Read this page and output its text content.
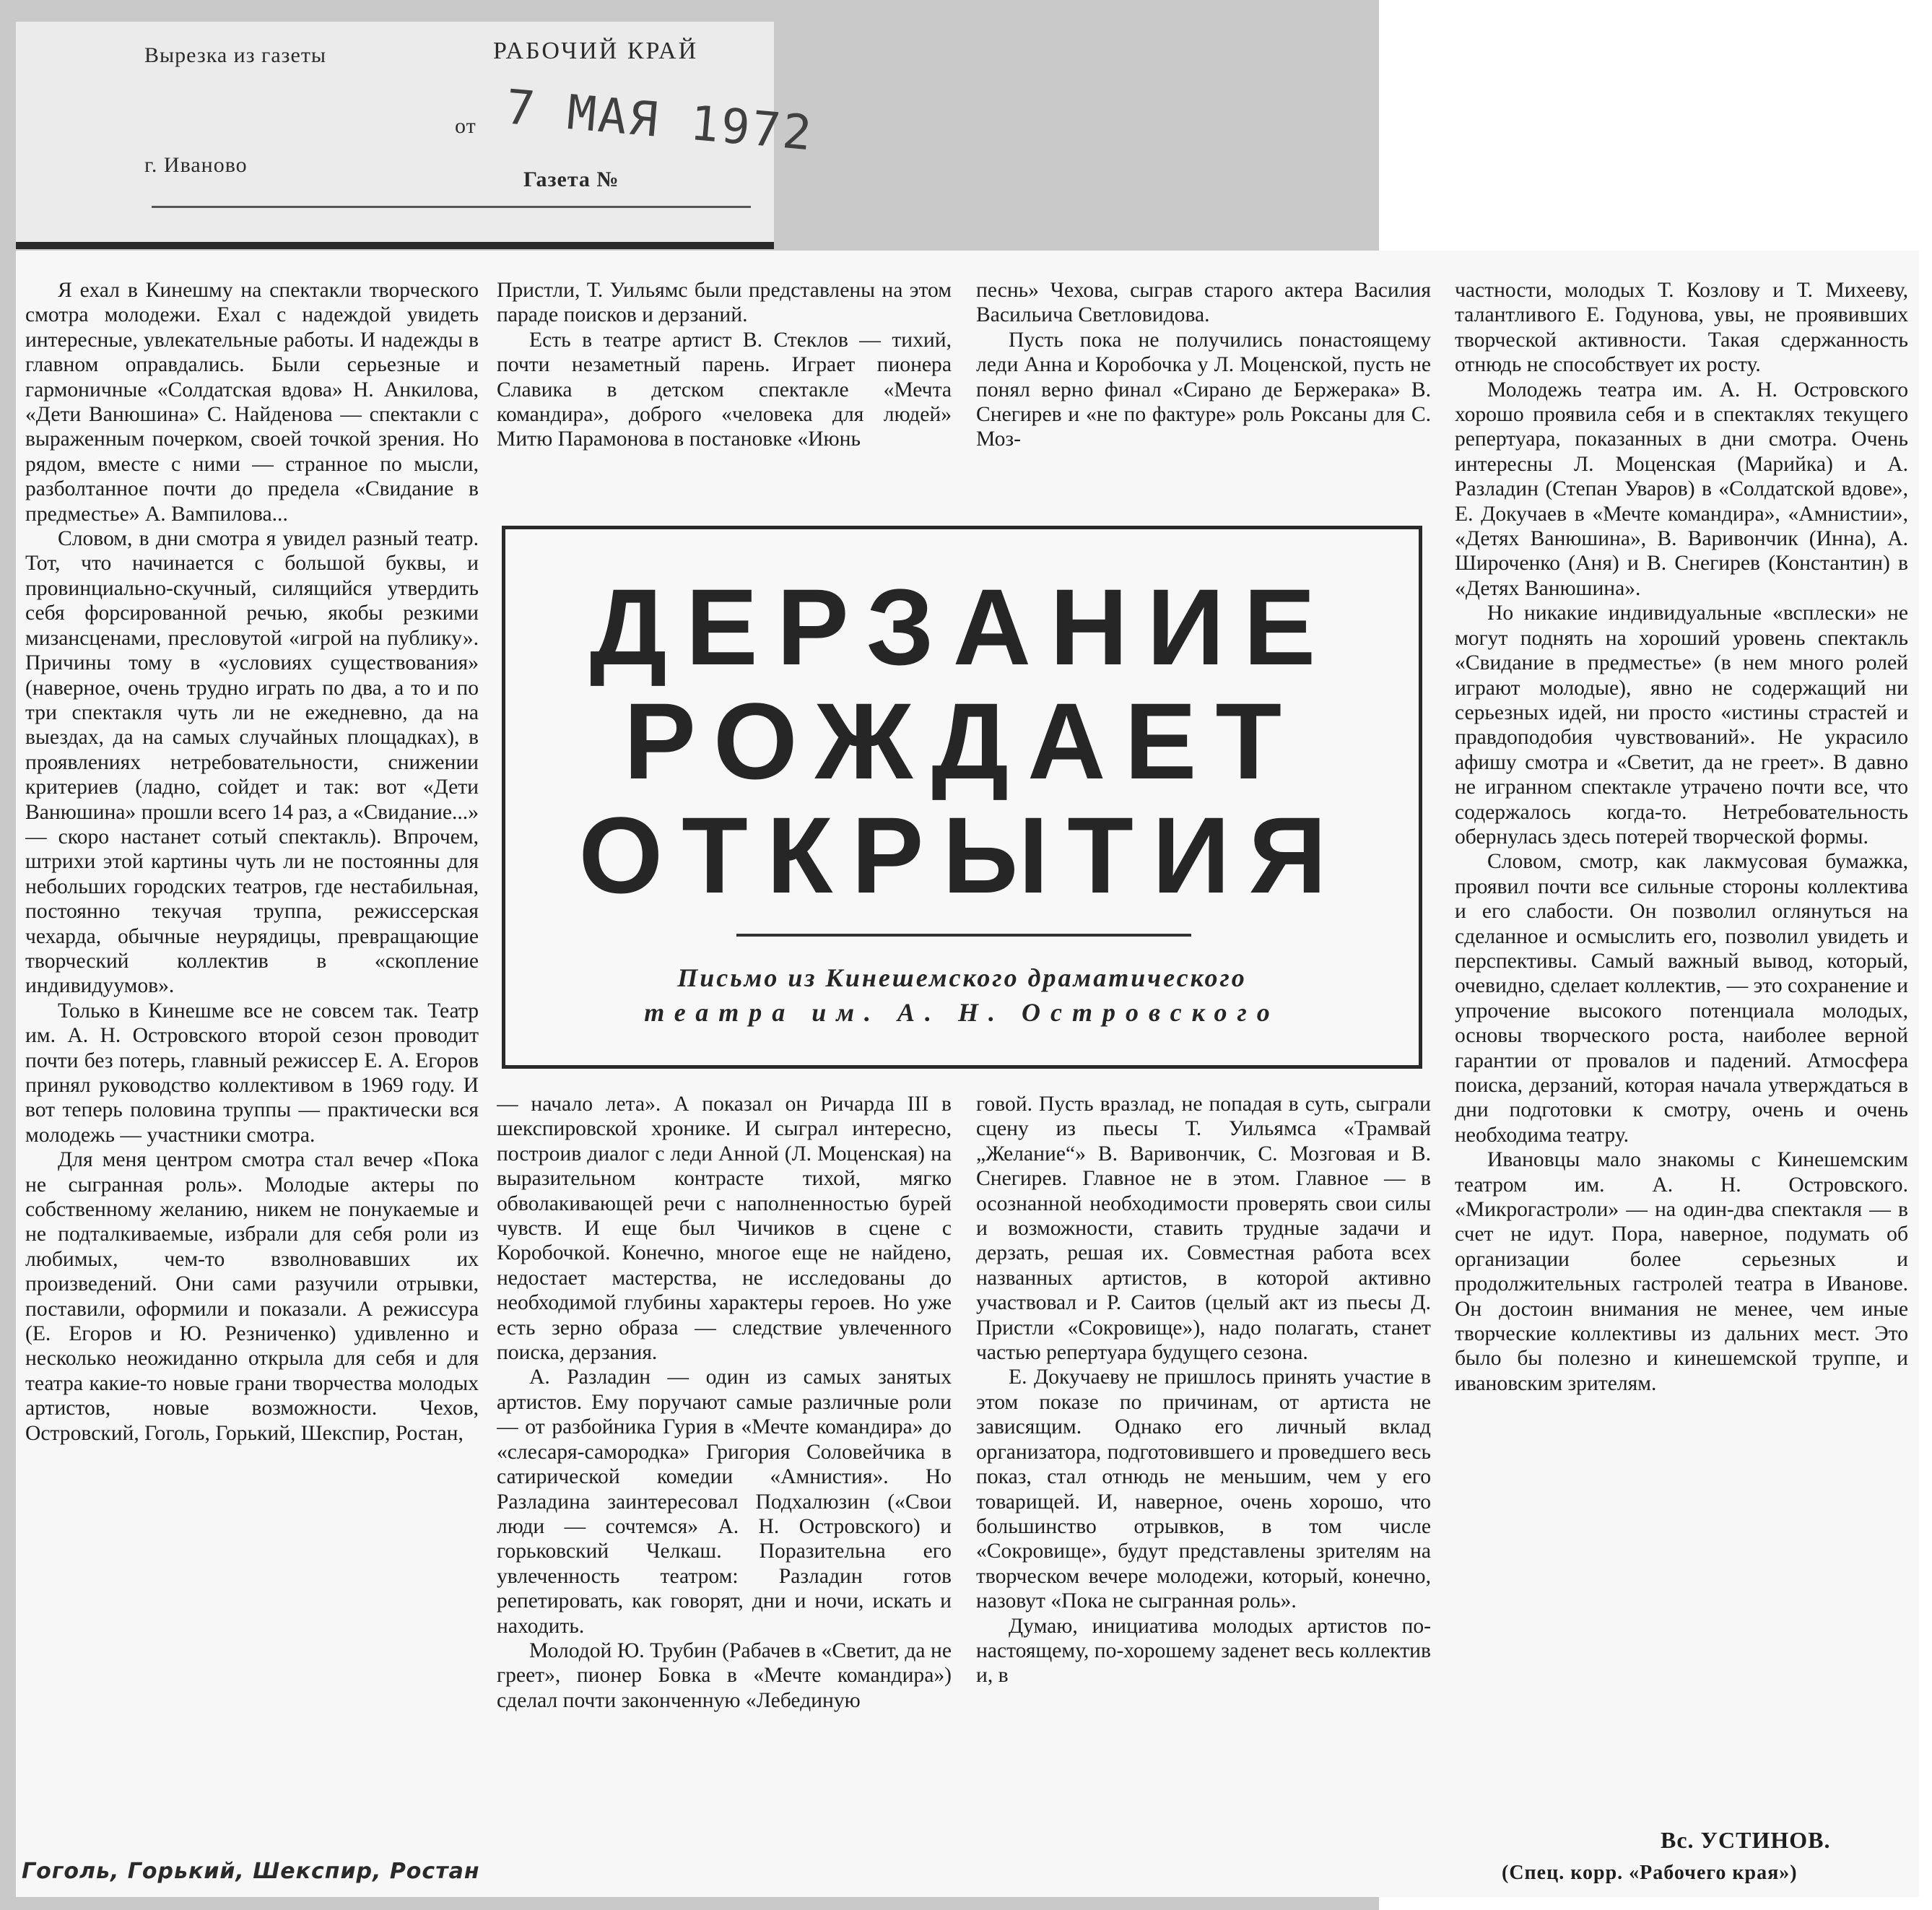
Вырезка из газеты	РАБОЧИЙ КРАЙ
г. Иваново
от
Газета №
7 МАЯ 1972

Я ехал в Кинешму на спектакли творческого смотра молодежи. Ехал с надеждой увидеть интересные, увлекательные работы. И надежды в главном оправдались. Были серьезные и гармоничные «Солдатская вдова» Н. Анкилова, «Дети Ванюшина» С. Найденова — спектакли с выраженным почерком, своей точкой зрения. Но рядом, вместе с ними — странное по мысли, разболтанное почти до предела «Свидание в предместье» А. Вампилова...

Словом, в дни смотра я увидел разный театр. Тот, что начинается с большой буквы, и провинциально-скучный, силящийся утвердить себя форсированной речью, якобы резкими мизансценами, пресловутой «игрой на публику». Причины тому в «условиях существования» (наверное, очень трудно играть по два, а то и по три спектакля чуть ли не ежедневно, да на выездах, да на самых случайных площадках), в проявлениях нетребовательности, снижении критериев (ладно, сойдет и так: вот «Дети Ванюшина» прошли всего 14 раз, а «Свидание...» — скоро настанет сотый спектакль). Впрочем, штрихи этой картины чуть ли не постоянны для небольших городских театров, где нестабильная, постоянно текучая труппа, режиссерская чехарда, обычные неурядицы, превращающие творческий коллектив в «скопление индивидуумов».

Только в Кинешме все не совсем так. Театр им. А. Н. Островского второй сезон проводит почти без потерь, главный режиссер Е. А. Егоров принял руководство коллективом в 1969 году. И вот теперь половина труппы — практически вся молодежь — участники смотра.

Для меня центром смотра стал вечер «Пока не сыгранная роль». Молодые актеры по собственному желанию, никем не понукаемые и не подталкиваемые, избрали для себя роли из любимых, чем-то взволновавших их произведений. Они сами разучили отрывки, поставили, оформили и показали. А режиссура (Е. Егоров и Ю. Резниченко) удивленно и несколько неожиданно открыла для себя и для театра какие-то новые грани творчества молодых артистов, новые возможности. Чехов, Островский, Гоголь, Горький, Шекспир, Ростан,

Пристли, Т. Уильямс были представлены на этом параде поисков и дерзаний.

Есть в театре артист В. Стеклов — тихий, почти незаметный парень. Играет пионера Славика в детском спектакле «Мечта командира», доброго «человека для людей» Митю Парамонова в постановке «Июнь

песнь» Чехова, сыграв старого актера Василия Васильича Светловидова.

Пусть пока не получились понастоящему леди Анна и Коробочка у Л. Моценской, пусть не понял верно финал «Сирано де Бержерака» В. Снегирев и «не по фактуре» роль Роксаны для С. Моз-

ДЕРЗАНИЕ
РОЖДАЕТ
ОТКРЫТИЯ
Письмо из Кинешемского драматического
театра им. А. Н. Островского

— начало лета». А показал он Ричарда III в шекспировской хронике. И сыграл интересно, построив диалог с леди Анной (Л. Моценская) на выразительном контрасте тихой, мягко обволакивающей речи с наполненностью бурей чувств. И еще был Чичиков в сцене с Коробочкой. Конечно, многое еще не найдено, недостает мастерства, не исследованы до необходимой глубины характеры героев. Но уже есть зерно образа — следствие увлеченного поиска, дерзания.

А. Разладин — один из самых занятых артистов. Ему поручают самые различные роли — от разбойника Гурия в «Мечте командира» до «слесаря-самородка» Григория Соловейчика в сатирической комедии «Амнистия». Но Разладина заинтересовал Подхалюзин («Свои люди — сочтемся» А. Н. Островского) и горьковский Челкаш. Поразительна его увлеченность театром: Разладин готов репетировать, как говорят, дни и ночи, искать и находить.

Молодой Ю. Трубин (Рабачев в «Светит, да не греет», пионер Бовка в «Мечте командира») сделал почти законченную «Лебединую

говой. Пусть вразлад, не попадая в суть, сыграли сцену из пьесы Т. Уильямса «Трамвай „Желание“» В. Варивончик, С. Мозговая и В. Снегирев. Главное не в этом. Главное — в осознанной необходимости проверять свои силы и возможности, ставить трудные задачи и дерзать, решая их. Совместная работа всех названных артистов, в которой активно участвовал и Р. Саитов (целый акт из пьесы Д. Пристли «Сокровище»), надо полагать, станет частью репертуара будущего сезона.

Е. Докучаеву не пришлось принять участие в этом показе по причинам, от артиста не зависящим. Однако его личный вклад организатора, подготовившего и проведшего весь показ, стал отнюдь не меньшим, чем у его товарищей. И, наверное, очень хорошо, что большинство отрывков, в том числе «Сокровище», будут представлены зрителям на творческом вечере молодежи, который, конечно, назовут «Пока не сыгранная роль».

Думаю, инициатива молодых артистов по-настоящему, по-хорошему заденет весь коллектив и, в

частности, молодых Т. Козлову и Т. Михееву, талантливого Е. Годунова, увы, не проявивших творческой активности. Такая сдержанность отнюдь не способствует их росту.

Молодежь театра им. А. Н. Островского хорошо проявила себя и в спектаклях текущего репертуара, показанных в дни смотра. Очень интересны Л. Моценская (Марийка) и А. Разладин (Степан Уваров) в «Солдатской вдове», Е. Докучаев в «Мечте командира», «Амнистии», «Детях Ванюшина», В. Варивончик (Инна), А. Широченко (Аня) и В. Снегирев (Константин) в «Детях Ванюшина».

Но никакие индивидуальные «всплески» не могут поднять на хороший уровень спектакль «Свидание в предместье» (в нем много ролей играют молодые), явно не содержащий ни серьезных идей, ни просто «истины страстей и правдоподобия чувствований». Не украсило афишу смотра и «Светит, да не греет». В давно не игранном спектакле утрачено почти все, что содержалось когда-то. Нетребовательность обернулась здесь потерей творческой формы.

Словом, смотр, как лакмусовая бумажка, проявил почти все сильные стороны коллектива и его слабости. Он позволил оглянуться на сделанное и осмыслить его, позволил увидеть и перспективы. Самый важный вывод, который, очевидно, сделает коллектив, — это сохранение и упрочение высокого потенциала молодых, основы творческого роста, наиболее верной гарантии от провалов и падений. Атмосфера поиска, дерзаний, которая начала утверждаться в дни подготовки к смотру, очень и очень необходима театру.

Ивановцы мало знакомы с Кинешемским театром им. А. Н. Островского. «Микрогастроли» — на один-два спектакля — в счет не идут. Пора, наверное, подумать об организации более серьезных и продолжительных гастролей театра в Иванове. Он достоин внимания не менее, чем иные творческие коллективы из дальних мест. Это было бы полезно и кинешемской труппе, и ивановским зрителям.

Вс. УСТИНОВ.
(Спец. корр. «Рабочего края»)
Гоголь, Горький, Шекспир, Ростан
